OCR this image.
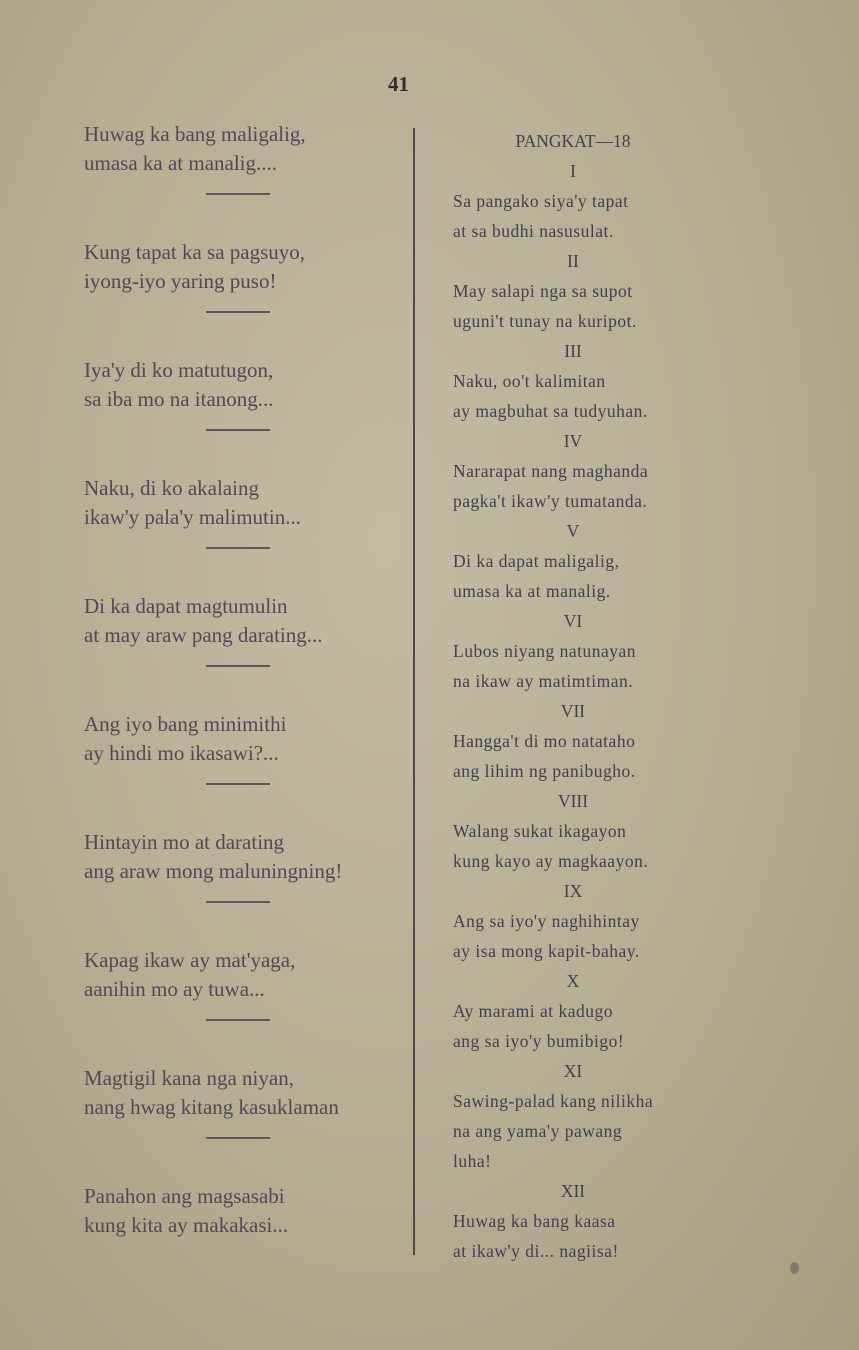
41
Huwag ka bang maligalig,
umasa ka at manalig....
Kung tapat ka sa pagsuyo,
iyong-iyo yaring puso!
Iya'y di ko matutugon,
sa iba mo na itanong...
Naku, di ko akalaing
ikaw'y pala'y malimutin...
Di ka dapat magtumulin
at may araw pang darating...
Ang iyo bang minimithi
ay hindi mo ikasawi?...
Hintayin mo at darating
ang araw mong maluningning!
Kapag ikaw ay mat'yaga,
aanihin mo ay tuwa...
Magtigil kana nga niyan,
nang hwag kitang kasuklaman
Panahon ang magsasabi
kung kita ay makakasi...
PANGKAT—18
I
Sa pangako siya'y tapat
at sa budhi nasusulat.
II
May salapi nga sa supot
uguni't tunay na kuripot.
III
Naku, oo't kalimitan
ay magbuhat sa tudyuhan.
IV
Nararapat nang maghanda
pagka't ikaw'y tumatanda.
V
Di ka dapat maligalig,
umasa ka at manalig.
VI
Lubos niyang natunayan
na ikaw ay matimtiman.
VII
Hangga't di mo natataho
ang lihim ng panibugho.
VIII
Walang sukat ikagayon
kung kayo ay magkaayon.
IX
Ang sa iyo'y naghihintay
ay isa mong kapit-bahay.
X
Ay marami at kadugo
ang sa iyo'y bumibigo!
XI
Sawing-palad kang nilikha
na ang yama'y pawang
luha!
XII
Huwag ka bang kaasa
at ikaw'y di... nagiisa!
